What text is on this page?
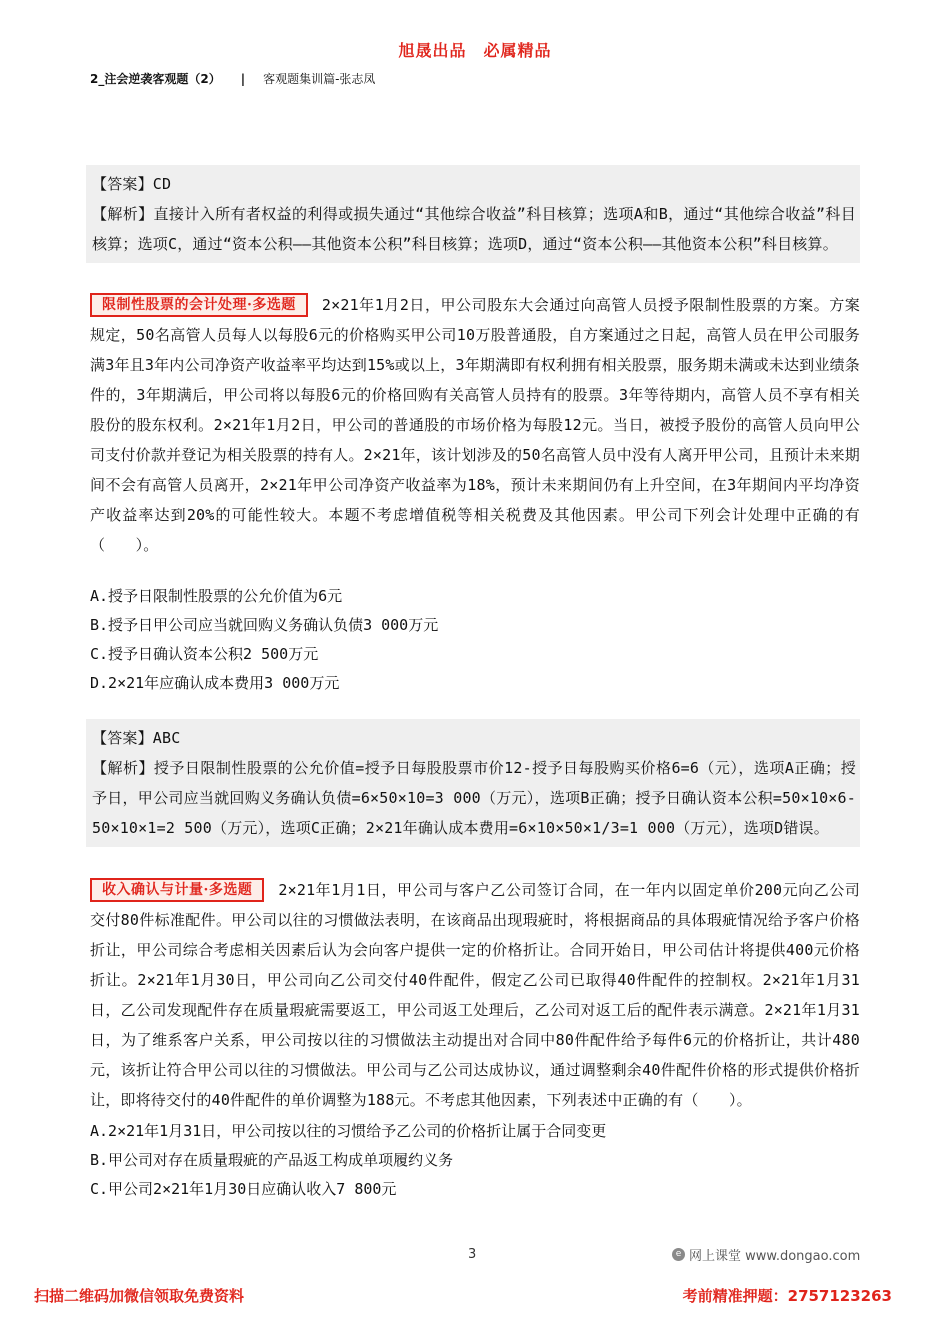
旭晟出品　必属精品
2_注会逆袭客观题（2） | 客观题集训篇-张志凤

【答案】CD

【解析】直接计入所有者权益的利得或损失通过“其他综合收益”科目核算；选项A和B，通过“其他综合收益”科目核算；选项C，通过“资本公积——其他资本公积”科目核算；选项D，通过“资本公积——其他资本公积”科目核算。

限制性股票的会计处理·多选题 2×21年1月2日，甲公司股东大会通过向高管人员授予限制性股票的方案。方案规定，50名高管人员每人以每股6元的价格购买甲公司10万股普通股，自方案通过之日起，高管人员在甲公司服务满3年且3年内公司净资产收益率平均达到15%或以上，3年期满即有权利拥有相关股票，服务期未满或未达到业绩条件的，3年期满后，甲公司将以每股6元的价格回购有关高管人员持有的股票。3年等待期内，高管人员不享有相关股份的股东权利。2×21年1月2日，甲公司的普通股的市场价格为每股12元。当日，被授予股份的高管人员向甲公司支付价款并登记为相关股票的持有人。2×21年，该计划涉及的50名高管人员中没有人离开甲公司，且预计未来期间不会有高管人员离开，2×21年甲公司净资产收益率为18%，预计未来期间仍有上升空间，在3年期间内平均净资产收益率达到20%的可能性较大。本题不考虑增值税等相关税费及其他因素。甲公司下列会计处理中正确的有（　　）。

A.授予日限制性股票的公允价值为6元

B.授予日甲公司应当就回购义务确认负债3 000万元

C.授予日确认资本公积2 500万元

D.2×21年应确认成本费用3 000万元

【答案】ABC

【解析】授予日限制性股票的公允价值=授予日每股股票市价12-授予日每股购买价格6=6（元），选项A正确；授予日，甲公司应当就回购义务确认负债=6×50×10=3 000（万元），选项B正确；授予日确认资本公积=50×10×6-50×10×1=2 500（万元），选项C正确；2×21年确认成本费用=6×10×50×1/3=1 000（万元），选项D错误。

收入确认与计量·多选题 2×21年1月1日，甲公司与客户乙公司签订合同，在一年内以固定单价200元向乙公司交付80件标准配件。甲公司以往的习惯做法表明，在该商品出现瑕疵时，将根据商品的具体瑕疵情况给予客户价格折让，甲公司综合考虑相关因素后认为会向客户提供一定的价格折让。合同开始日，甲公司估计将提供400元价格折让。2×21年1月30日，甲公司向乙公司交付40件配件，假定乙公司已取得40件配件的控制权。2×21年1月31日，乙公司发现配件存在质量瑕疵需要返工，甲公司返工处理后，乙公司对返工后的配件表示满意。2×21年1月31日，为了维系客户关系，甲公司按以往的习惯做法主动提出对合同中80件配件给予每件6元的价格折让，共计480元，该折让符合甲公司以往的习惯做法。甲公司与乙公司达成协议，通过调整剩余40件配件价格的形式提供价格折让，即将待交付的40件配件的单价调整为188元。不考虑其他因素，下列表述中正确的有（　　）。

A.2×21年1月31日，甲公司按以往的习惯给予乙公司的价格折让属于合同变更

B.甲公司对存在质量瑕疵的产品返工构成单项履约义务

C.甲公司2×21年1月30日应确认收入7 800元

3	e 网上课堂 www.dongao.com
扫描二维码加微信领取免费资料	考前精准押题：2757123263
